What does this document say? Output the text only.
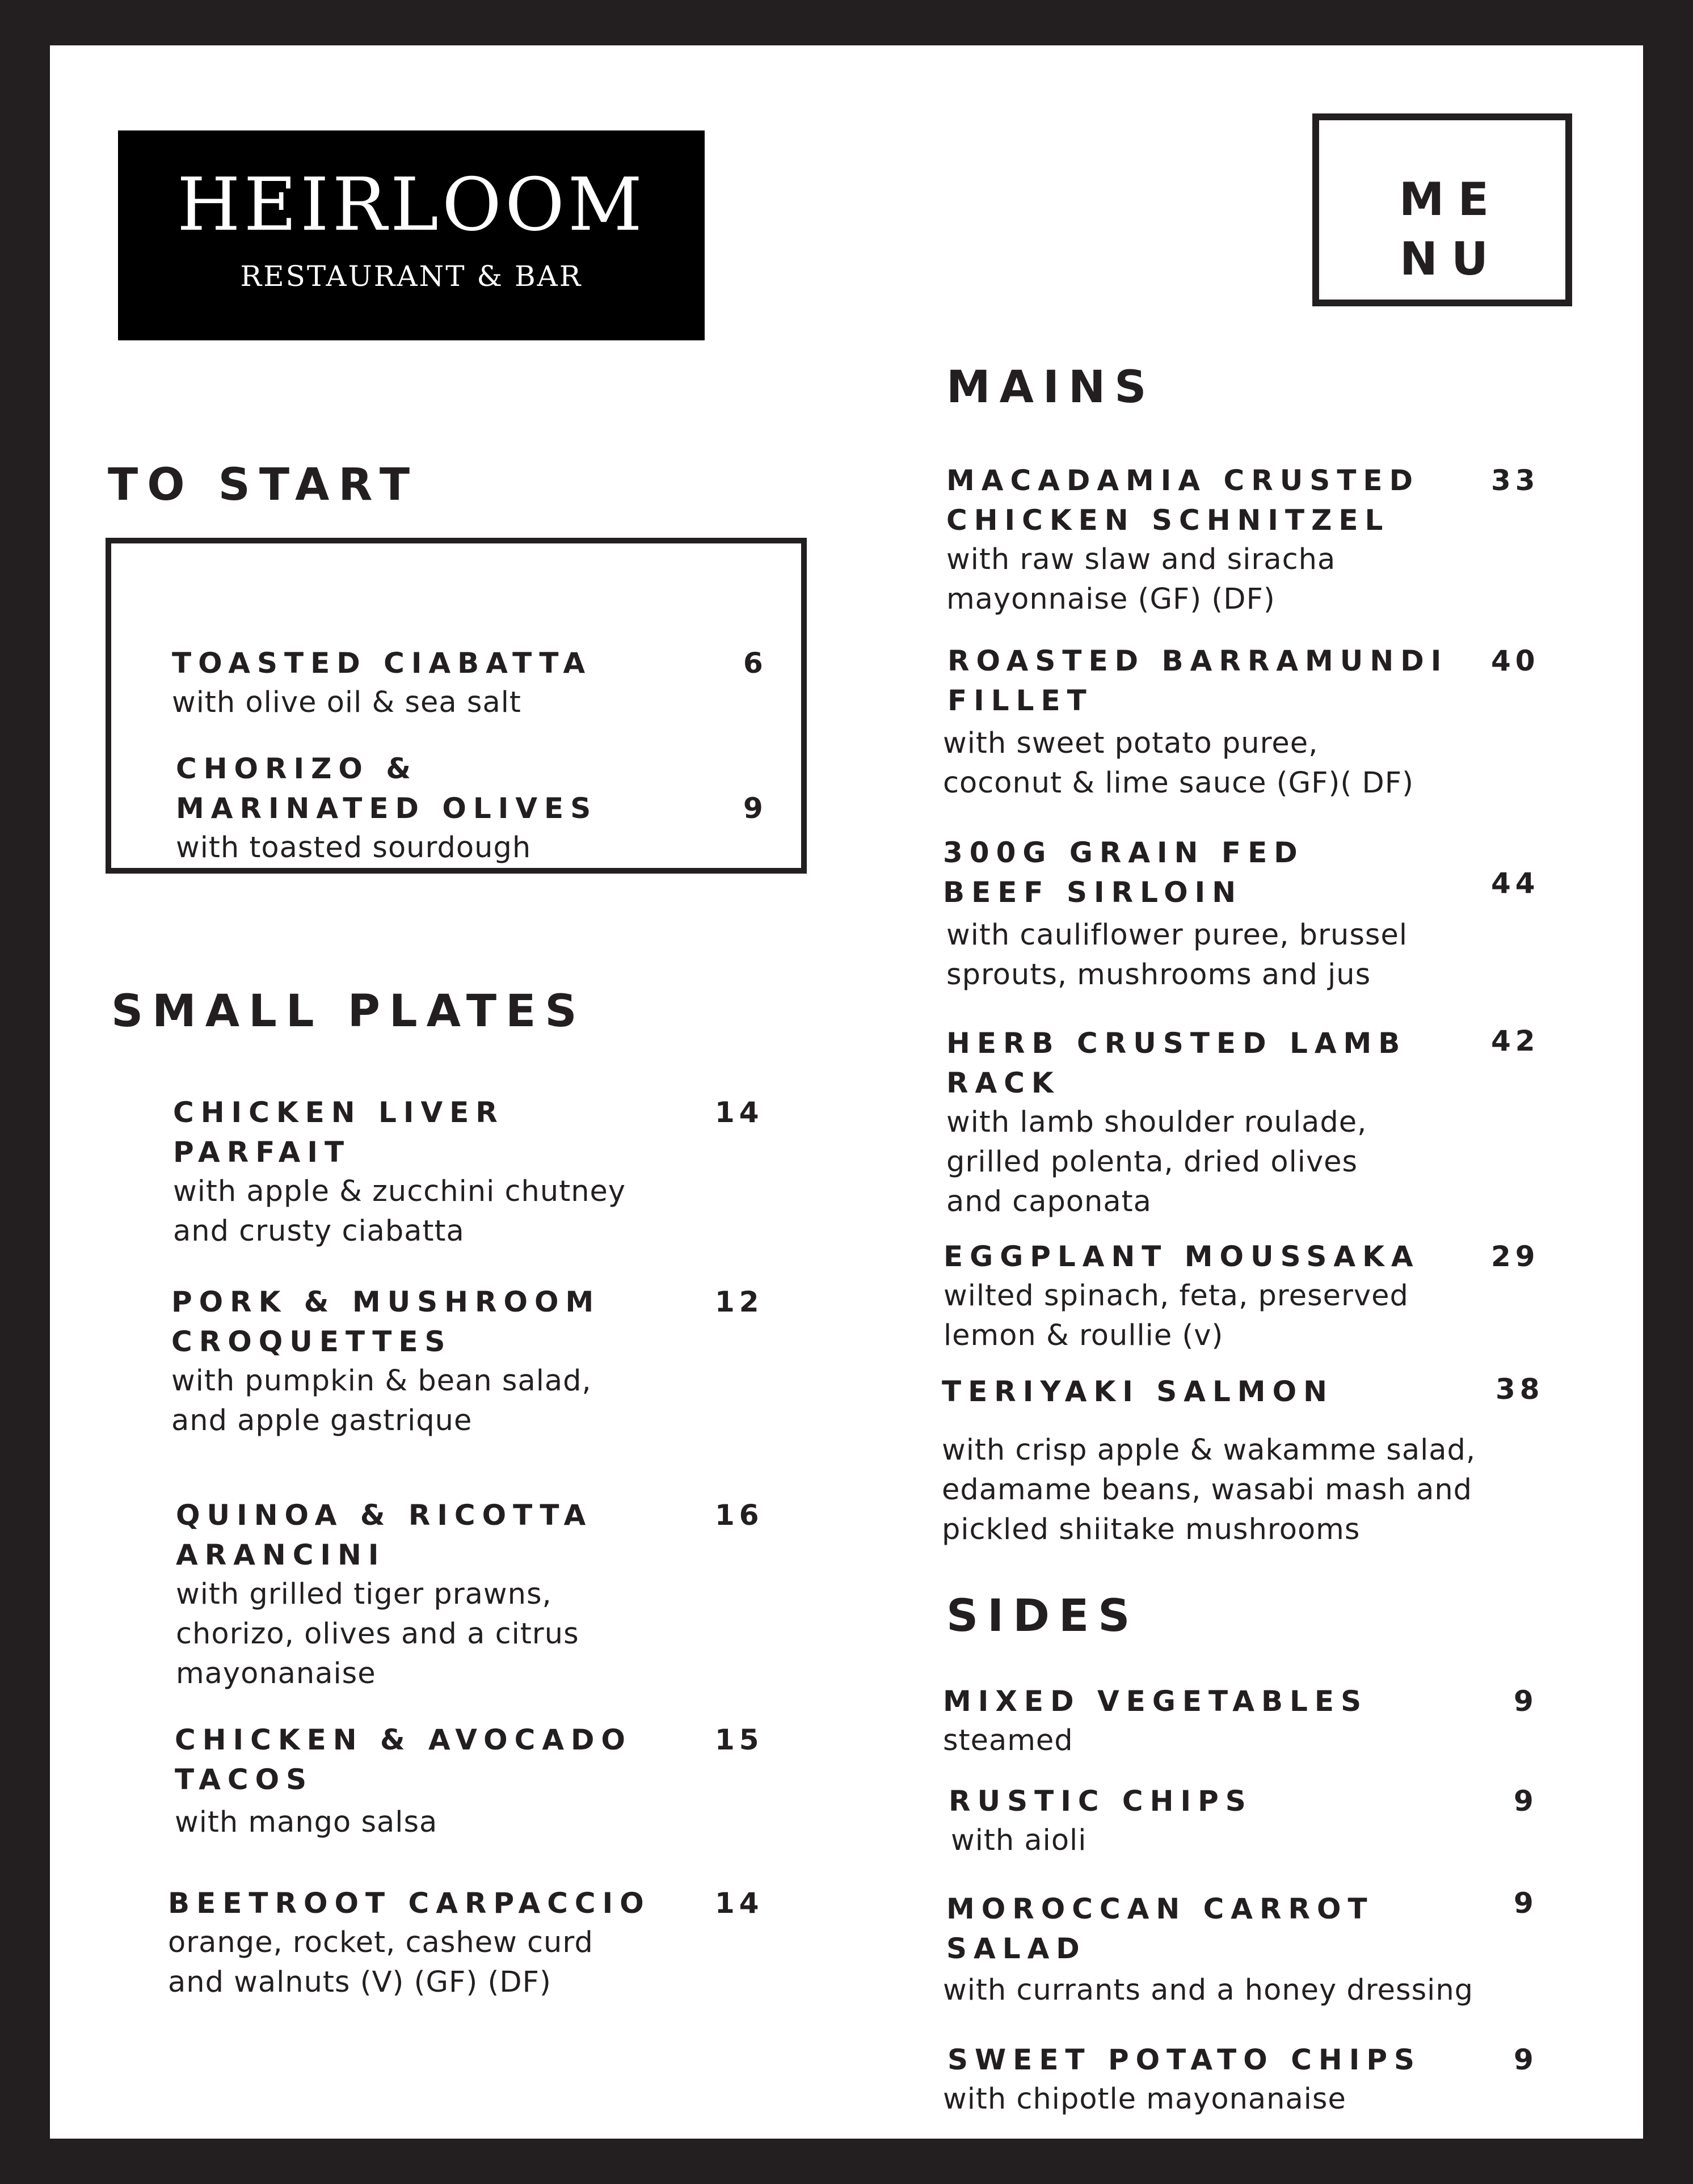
HEIRLOOM
RESTAURANT & BAR
ME
NU
TO START
TOASTED CIABATTA
with olive oil & sea salt
6
CHORIZO &
MARINATED OLIVES
with toasted sourdough
9
SMALL PLATES
CHICKEN LIVER
PARFAIT
with apple & zucchini chutney
and crusty ciabatta
14
PORK & MUSHROOM
CROQUETTES
with pumpkin & bean salad,
and apple gastrique
12
QUINOA & RICOTTA
ARANCINI
with grilled tiger prawns,
chorizo, olives and a citrus
mayonanaise
16
CHICKEN & AVOCADO
TACOS
with mango salsa
15
BEETROOT CARPACCIO
orange, rocket, cashew curd
and walnuts (V) (GF) (DF)
14
MAINS
MACADAMIA CRUSTED
CHICKEN SCHNITZEL
with raw slaw and siracha
mayonnaise (GF) (DF)
33
ROASTED BARRAMUNDI
FILLET
with sweet potato puree,
coconut & lime sauce (GF)( DF)
40
300G GRAIN FED
BEEF SIRLOIN
with cauliflower puree, brussel
sprouts, mushrooms and jus
44
HERB CRUSTED LAMB
RACK
with lamb shoulder roulade,
grilled polenta, dried olives
and caponata
42
EGGPLANT MOUSSAKA
wilted spinach, feta, preserved
lemon & roullie (v)
29
TERIYAKI SALMON
with crisp apple & wakamme salad,
edamame beans, wasabi mash and
pickled shiitake mushrooms
38
SIDES
MIXED VEGETABLES
steamed
9
RUSTIC CHIPS
with aioli
9
MOROCCAN CARROT
SALAD
with currants and a honey dressing
9
SWEET POTATO CHIPS
with chipotle mayonanaise
9
